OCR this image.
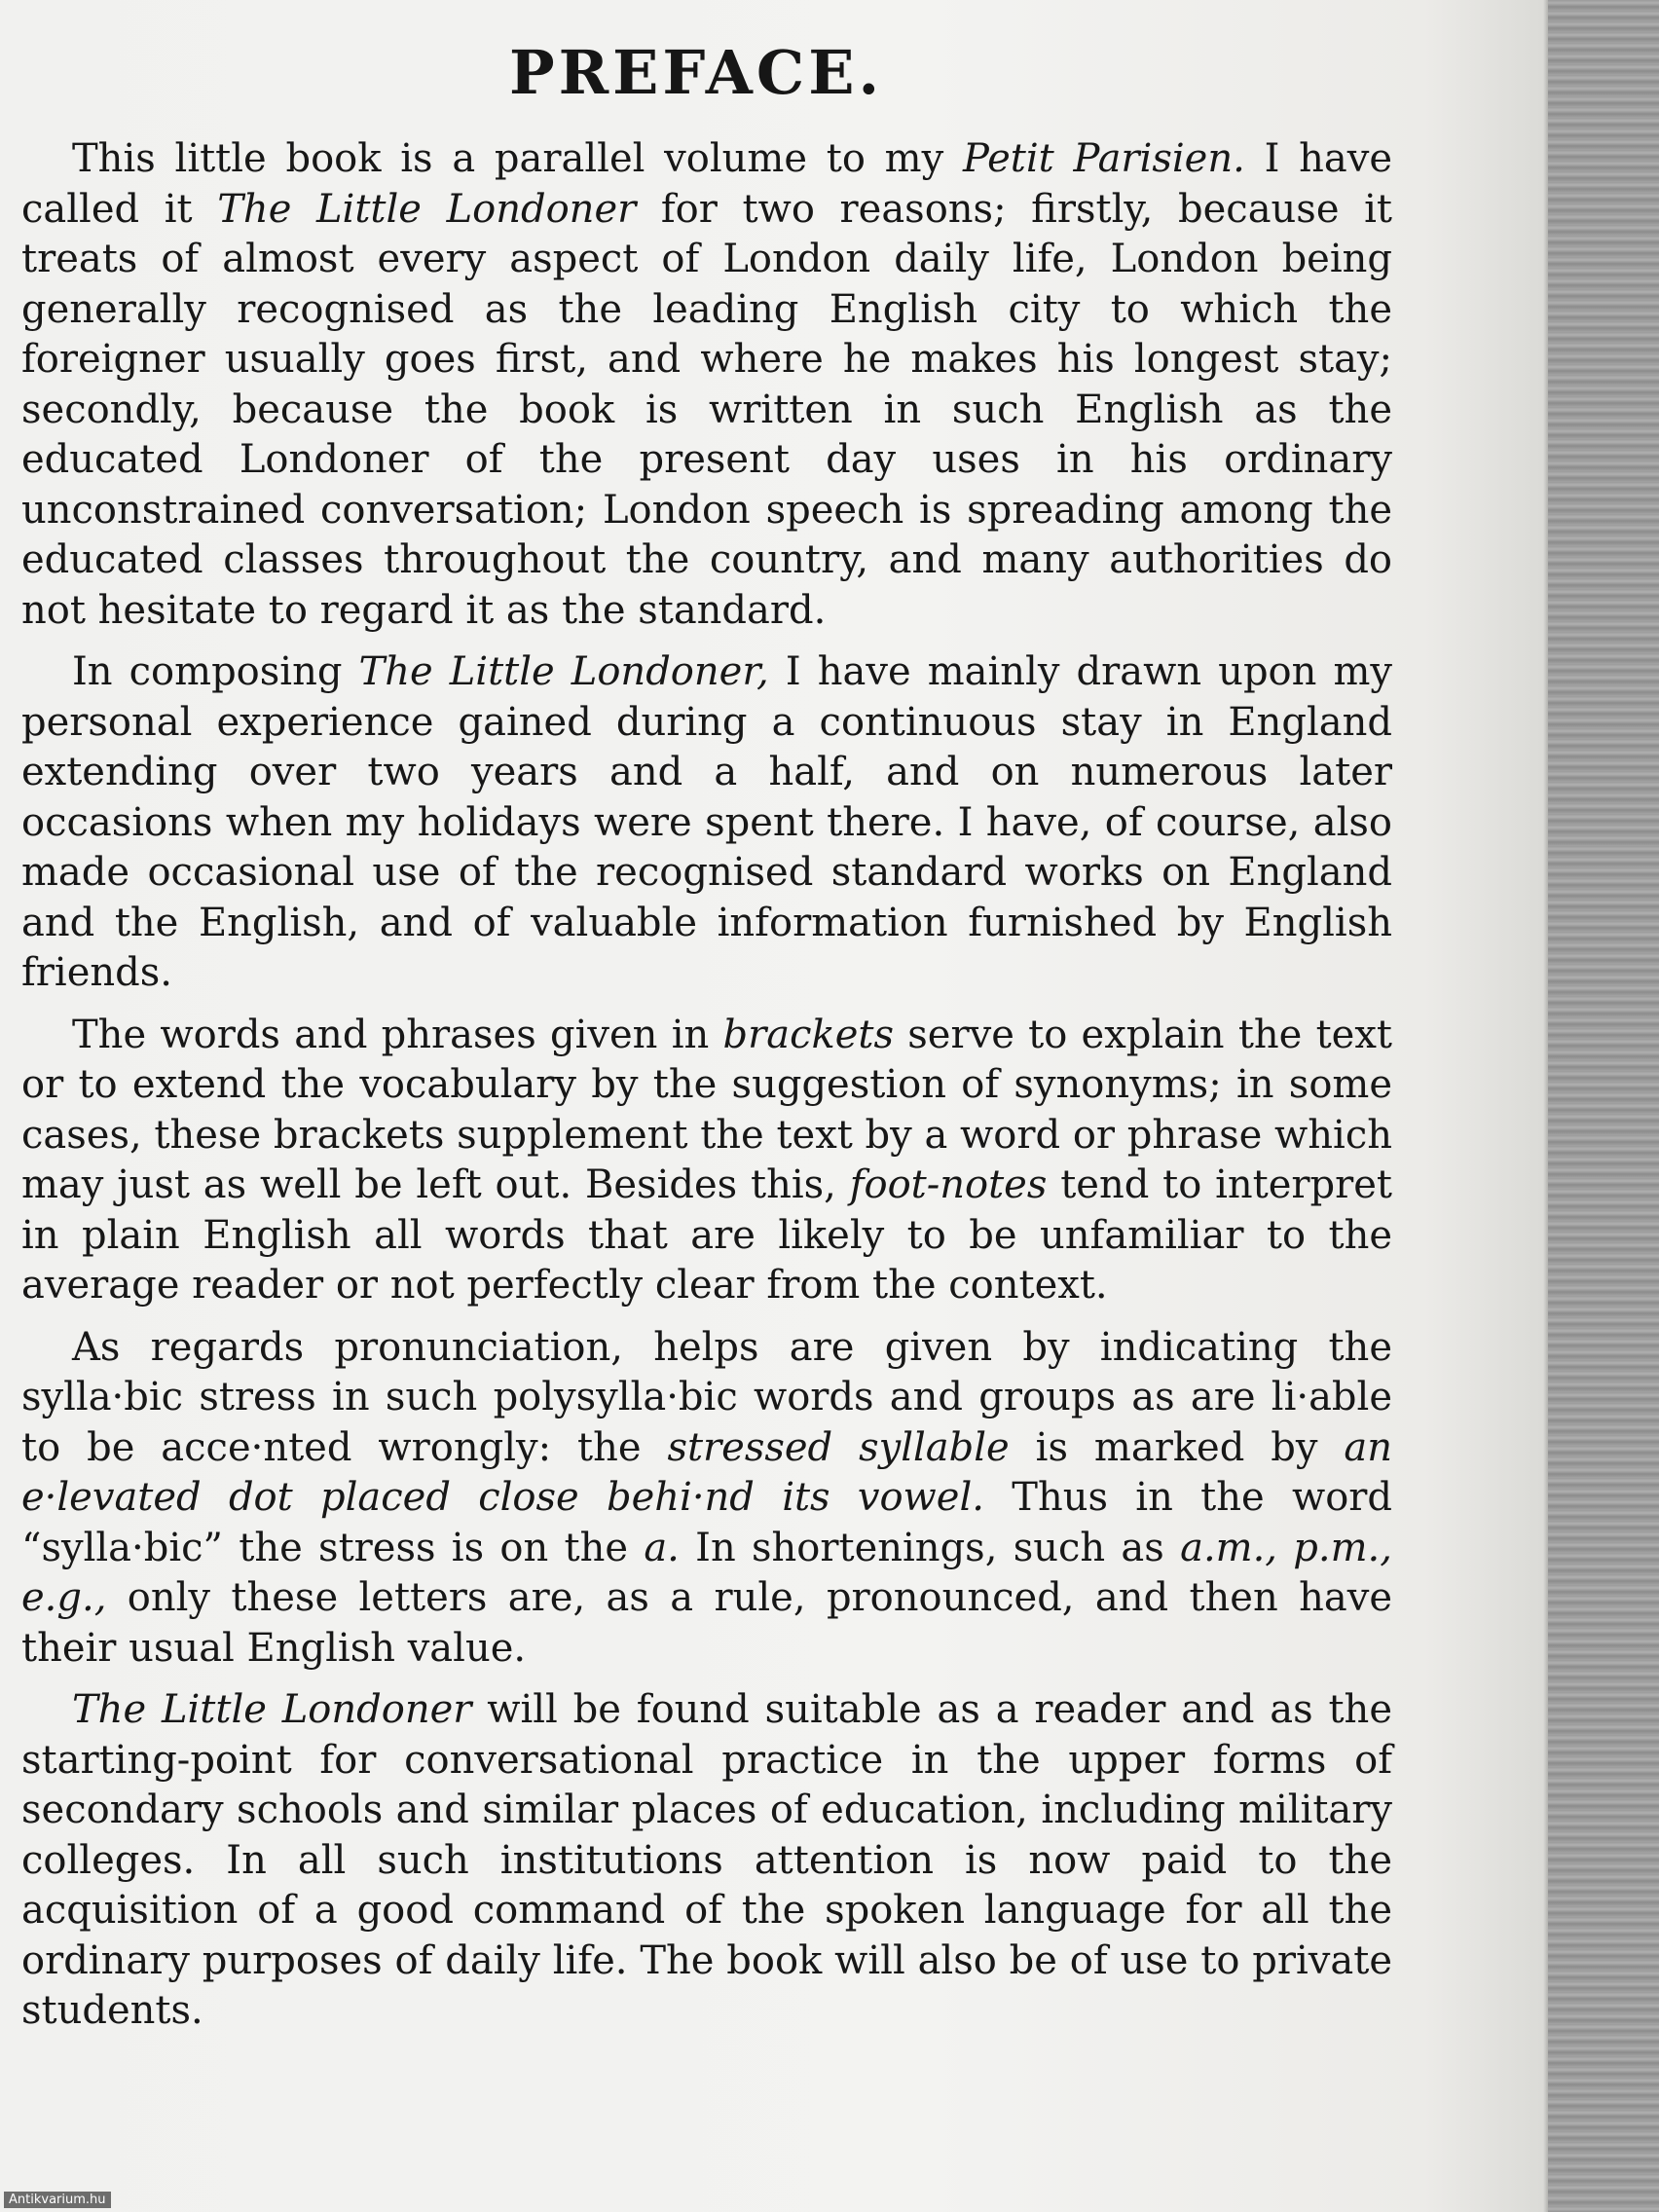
PREFACE.

This little book is a parallel volume to my Petit Parisien. I have called it The Little Londoner for two reasons; firstly, because it treats of almost every aspect of London daily life, London being generally recognised as the leading English city to which the foreigner usually goes first, and where he makes his longest stay; secondly, because the book is written in such English as the educated Londoner of the present day uses in his ordinary unconstrained conversation; London speech is spreading among the educated classes throughout the country, and many authorities do not hesitate to regard it as the standard.

In composing The Little Londoner, I have mainly drawn upon my personal experience gained during a continuous stay in England extending over two years and a half, and on numerous later occasions when my holidays were spent there. I have, of course, also made occasional use of the recognised standard works on England and the English, and of valuable information furnished by English friends.

The words and phrases given in brackets serve to explain the text or to extend the vocabulary by the suggestion of synonyms; in some cases, these brackets supplement the text by a word or phrase which may just as well be left out. Besides this, foot-notes tend to interpret in plain English all words that are likely to be unfamiliar to the average reader or not perfectly clear from the context.

As regards pronunciation, helps are given by indicating the sylla·bic stress in such polysylla·bic words and groups as are li·able to be acce·nted wrongly: the stressed syllable is marked by an e·levated dot placed close behi·nd its vowel. Thus in the word “sylla·bic” the stress is on the a. In shortenings, such as a.m., p.m., e.g., only these letters are, as a rule, pronounced, and then have their usual English value.

The Little Londoner will be found suitable as a reader and as the starting-point for conversational practice in the upper forms of secondary schools and similar places of education, including military colleges. In all such institutions attention is now paid to the acquisition of a good command of the spoken language for all the ordinary purposes of daily life. The book will also be of use to private students.

Antikvarium.hu
